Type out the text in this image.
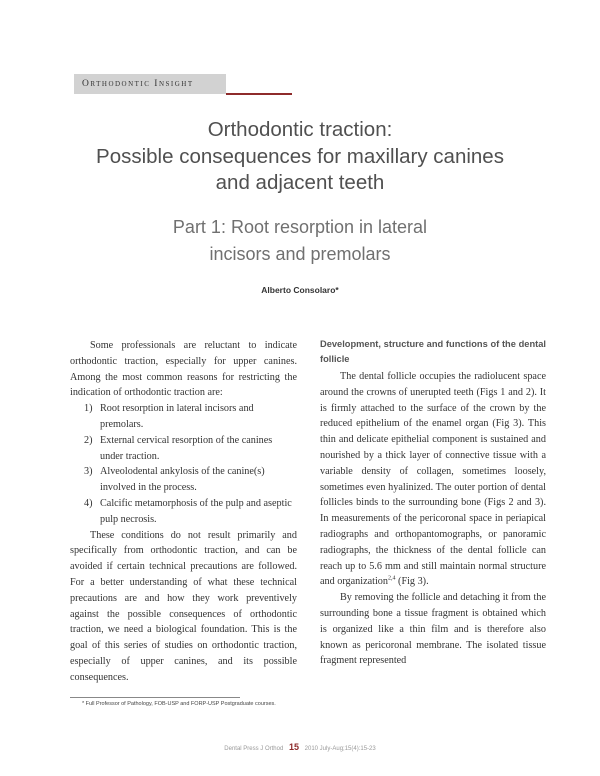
Orthodontic Insight
Orthodontic traction:
Possible consequences for maxillary canines
and adjacent teeth
Part 1: Root resorption in lateral
incisors and premolars
Alberto Consolaro*

Some professionals are reluctant to indicate orthodontic traction, especially for upper canines. Among the most common reasons for restricting the indication of orthodontic traction are:

1) Root resorption in lateral incisors and premolars.
2) External cervical resorption of the canines under traction.
3) Alveolodental ankylosis of the canine(s) involved in the process.
4) Calcific metamorphosis of the pulp and aseptic pulp necrosis.

These conditions do not result primarily and specifically from orthodontic traction, and can be avoided if certain technical precautions are followed. For a better understanding of what these technical precautions are and how they work preventively against the possible consequences of orthodontic traction, we need a biological foundation. This is the goal of this series of studies on orthodontic traction, especially of upper canines, and its possible consequences.

Development, structure and functions of the dental follicle

The dental follicle occupies the radiolucent space around the crowns of unerupted teeth (Figs 1 and 2). It is firmly attached to the surface of the crown by the reduced epithelium of the enamel organ (Fig 3). This thin and delicate epithelial component is sustained and nourished by a thick layer of connective tissue with a variable density of collagen, sometimes loosely, sometimes even hyalinized. The outer portion of dental follicles binds to the surrounding bone (Figs 2 and 3). In measurements of the pericoronal space in periapical radiographs and orthopantomographs, or panoramic radiographs, the thickness of the dental follicle can reach up to 5.6 mm and still maintain normal structure and organization$^{2,4}$ (Fig 3).

By removing the follicle and detaching it from the surrounding bone a tissue fragment is obtained which is organized like a thin film and is therefore also known as pericoronal membrane. The isolated tissue fragment represented

* Full Professor of Pathology, FOB-USP and FORP-USP Postgraduate courses.
Dental Press J Orthod 15 2010 July-Aug;15(4):15-23
